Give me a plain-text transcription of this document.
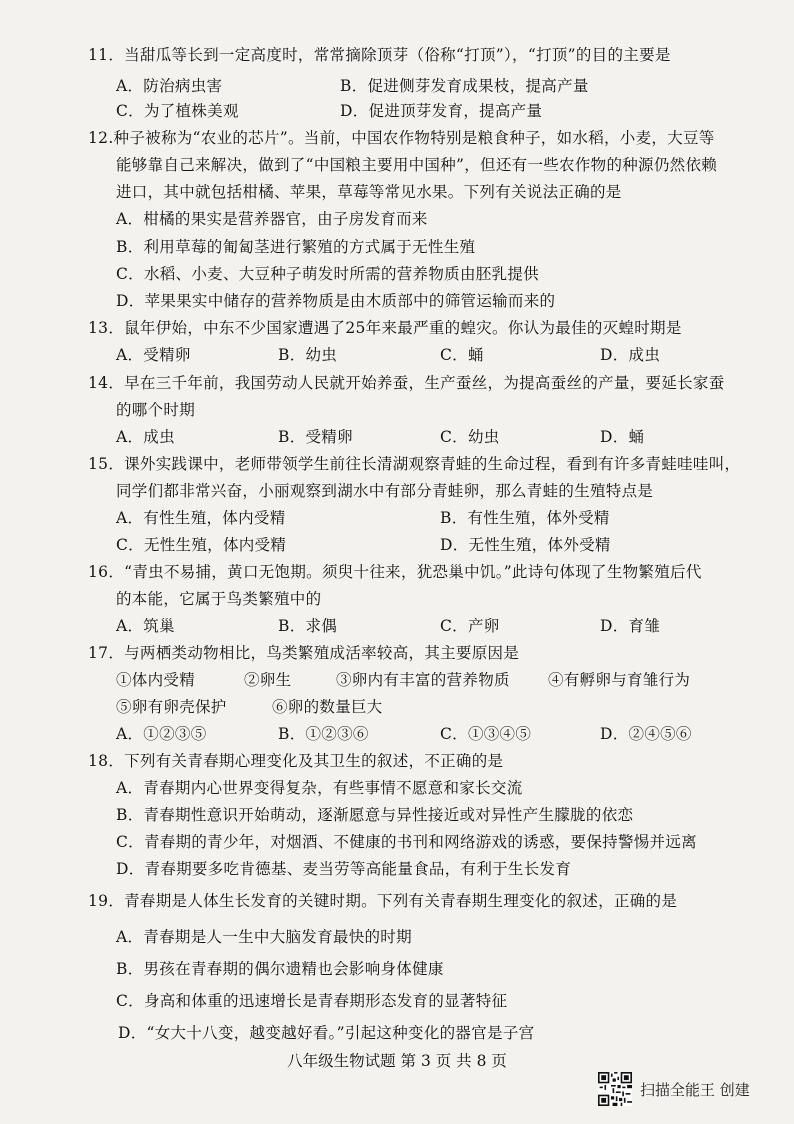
11．当甜瓜等长到一定高度时，常常摘除顶芽（俗称“打顶”），“打顶”的目的主要是
A．防治病虫害	B．促进侧芽发育成果枝，提高产量
C．为了植株美观	D．促进顶芽发育，提高产量
12.种子被称为“农业的芯片”。当前，中国农作物特别是粮食种子，如水稻，小麦，大豆等
能够靠自己来解决，做到了“中国粮主要用中国种”，但还有一些农作物的种源仍然依赖
进口，其中就包括柑橘、苹果，草莓等常见水果。下列有关说法正确的是
A．柑橘的果实是营养器官，由子房发育而来
B．利用草莓的匍匐茎进行繁殖的方式属于无性生殖
C．水稻、小麦、大豆种子萌发时所需的营养物质由胚乳提供
D．苹果果实中储存的营养物质是由木质部中的筛管运输而来的
13．鼠年伊始，中东不少国家遭遇了25年来最严重的蝗灾。你认为最佳的灭蝗时期是
A．受精卵	B．幼虫	C．蛹	D．成虫
14．早在三千年前，我国劳动人民就开始养蚕，生产蚕丝，为提高蚕丝的产量，要延长家蚕
的哪个时期
A．成虫	B．受精卵	C．幼虫	D．蛹
15．课外实践课中，老师带领学生前往长清湖观察青蛙的生命过程，看到有许多青蛙哇哇叫，
同学们都非常兴奋，小丽观察到湖水中有部分青蛙卵，那么青蛙的生殖特点是
A．有性生殖，体内受精	B．有性生殖，体外受精
C．无性生殖，体内受精	D．无性生殖，体外受精
16．“青虫不易捕，黄口无饱期。须臾十往来，犹恐巢中饥。”此诗句体现了生物繁殖后代
的本能，它属于鸟类繁殖中的
A．筑巢	B．求偶	C．产卵	D．育雏
17．与两栖类动物相比，鸟类繁殖成活率较高，其主要原因是
①体内受精	②卵生	③卵内有丰富的营养物质 ④有孵卵与育雏行为
⑤卵有卵壳保护	⑥卵的数量巨大
A．①②③⑤	B．①②③⑥	C．①③④⑤	D．②④⑤⑥
18．下列有关青春期心理变化及其卫生的叙述，不正确的是
A．青春期内心世界变得复杂，有些事情不愿意和家长交流
B．青春期性意识开始萌动，逐渐愿意与异性接近或对异性产生朦胧的依恋
C．青春期的青少年，对烟酒、不健康的书刊和网络游戏的诱惑，要保持警惕并远离
D．青春期要多吃肯德基、麦当劳等高能量食品，有利于生长发育
19．青春期是人体生长发育的关键时期。下列有关青春期生理变化的叙述，正确的是
A．青春期是人一生中大脑发育最快的时期
B．男孩在青春期的偶尔遗精也会影响身体健康
C．身高和体重的迅速增长是青春期形态发育的显著特征
D．“女大十八变，越变越好看。”引起这种变化的器官是子宫
八年级生物试题 第 3 页 共 8 页
扫描全能王 创建
